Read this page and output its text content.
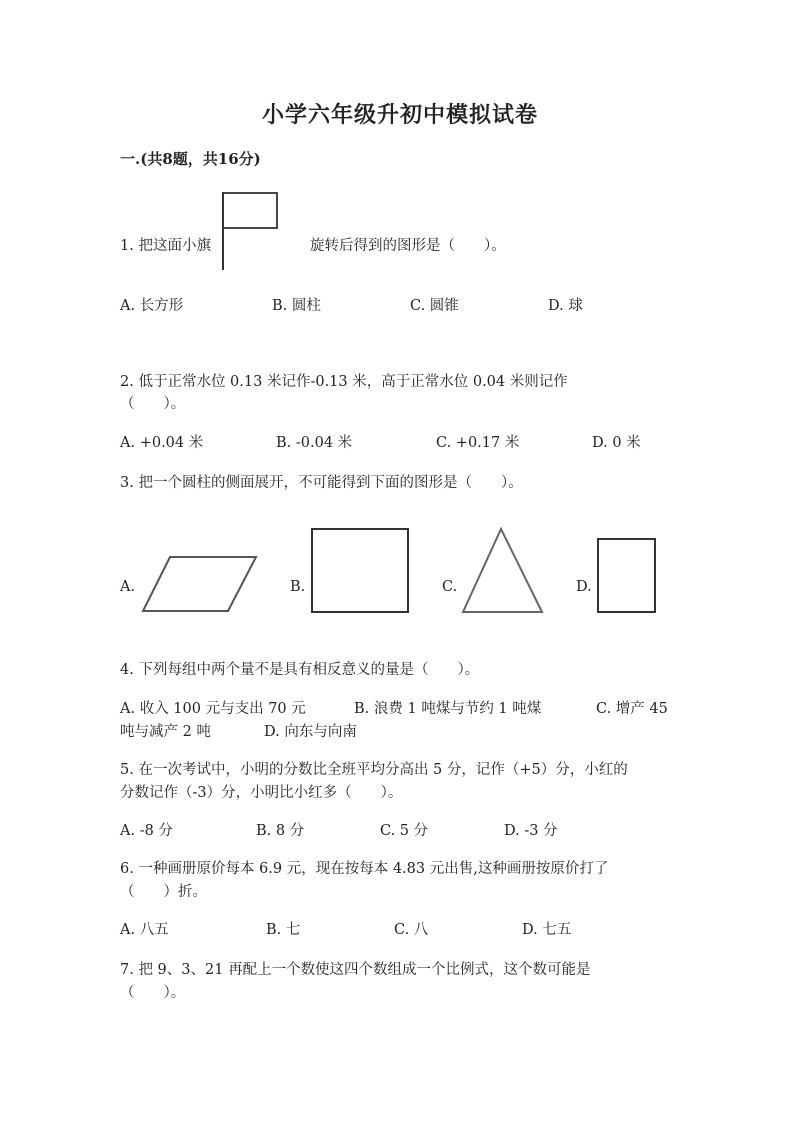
小学六年级升初中模拟试卷
一.(共8题，共16分)
1. 把这面小旗	旋转后得到的图形是（　　）。
A. 长方形	B. 圆柱	C. 圆锥	D. 球
2. 低于正常水位 0.13 米记作-0.13 米，高于正常水位 0.04 米则记作
（　　）。
A. +0.04 米	B. -0.04 米	C. +0.17 米	D. 0 米
3. 把一个圆柱的侧面展开，不可能得到下面的图形是（　　）。
A.	B.	C.	D.
4. 下列每组中两个量不是具有相反意义的量是（　　）。
A. 收入 100 元与支出 70 元	B. 浪费 1 吨煤与节约 1 吨煤	C. 增产 45
吨与减产 2 吨	D. 向东与向南
5. 在一次考试中，小明的分数比全班平均分高出 5 分，记作（+5）分，小红的
分数记作（-3）分，小明比小红多（　　）。
A. -8 分	B. 8 分	C. 5 分	D. -3 分
6. 一种画册原价每本 6.9 元，现在按每本 4.83 元出售,这种画册按原价打了
（　　）折。
A. 八五	B. 七	C. 八	D. 七五
7. 把 9、3、21 再配上一个数使这四个数组成一个比例式，这个数可能是
（　　）。
